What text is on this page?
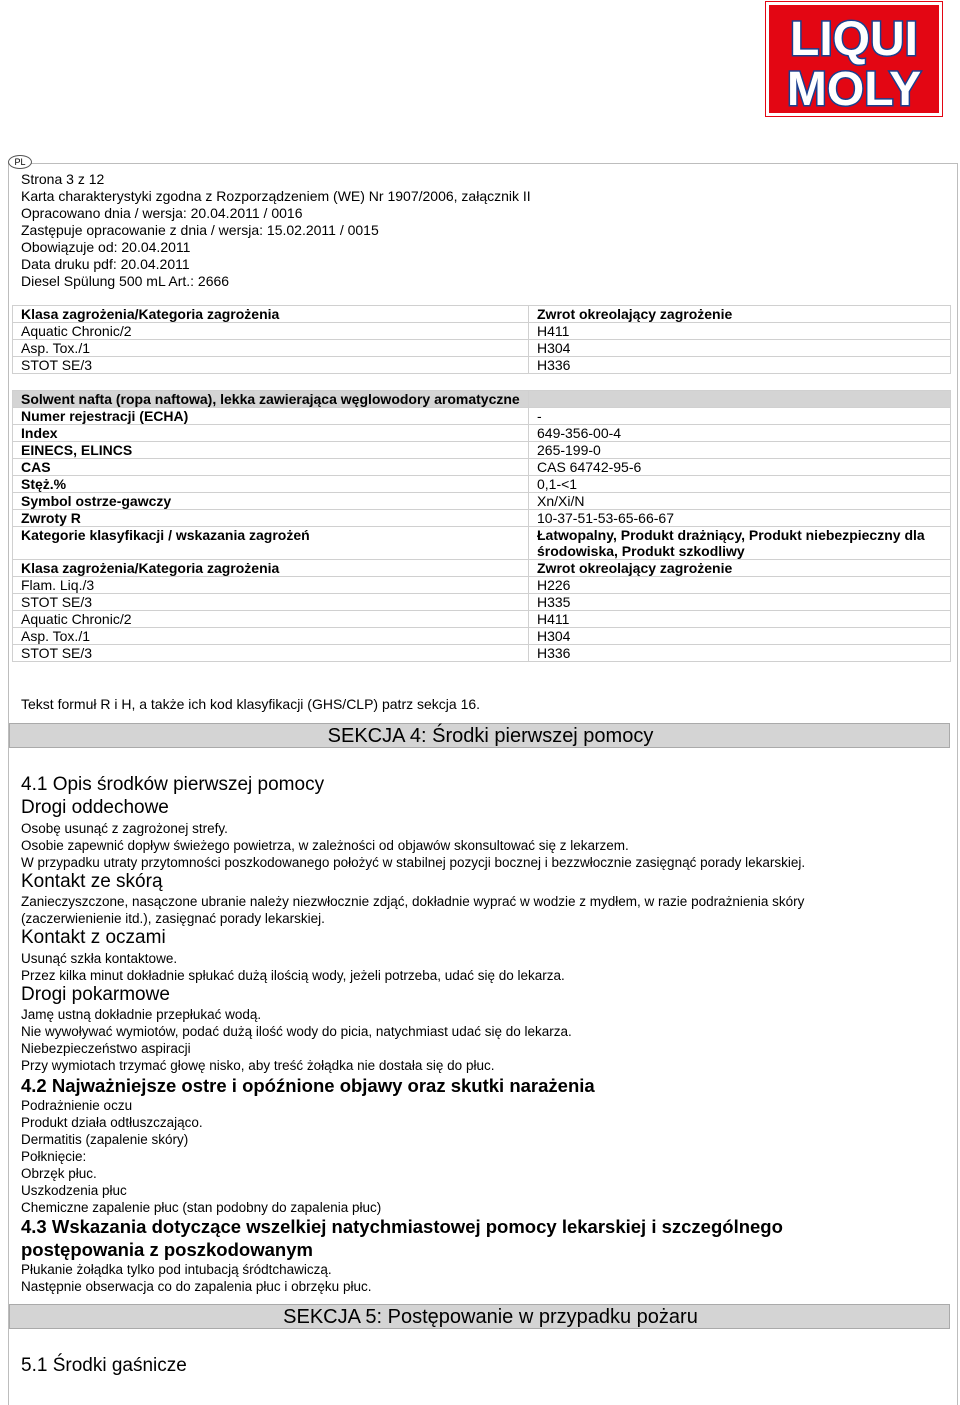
LIQUI
MOLY
PL
Strona 3 z 12
Karta charakterystyki zgodna z Rozporządzeniem (WE) Nr 1907/2006, załącznik II
Opracowano dnia / wersja: 20.04.2011 / 0016
Zastępuje opracowanie z dnia / wersja: 15.02.2011 / 0015
Obowiązuje od: 20.04.2011
Data druku pdf: 20.04.2011
Diesel Spülung 500 mL Art.: 2666
Klasa zagrożenia/Kategoria zagrożenia	Zwrot okreolający zagrożenie
Aquatic Chronic/2	H411
Asp. Tox./1	H304
STOT SE/3	H336
Solwent nafta (ropa naftowa), lekka zawierająca węglowodory aromatyczne	
Numer rejestracji (ECHA)	-
Index	649-356-00-4
EINECS, ELINCS	265-199-0
CAS	CAS 64742-95-6
Stęż.%	0,1-<1
Symbol ostrze-gawczy	Xn/Xi/N
Zwroty R	10-37-51-53-65-66-67
Kategorie klasyfikacji / wskazania zagrożeń	Łatwopalny, Produkt drażniący, Produkt niebezpieczny dla środowiska, Produkt szkodliwy
Klasa zagrożenia/Kategoria zagrożenia	Zwrot okreolający zagrożenie
Flam. Liq./3	H226
STOT SE/3	H335
Aquatic Chronic/2	H411
Asp. Tox./1	H304
STOT SE/3	H336
Tekst formuł R i H, a także ich kod klasyfikacji (GHS/CLP) patrz sekcja 16.
SEKCJA 4: Środki pierwszej pomocy
4.1 Opis środków pierwszej pomocy
Drogi oddechowe
Osobę usunąć z zagrożonej strefy.
Osobie zapewnić dopływ świeżego powietrza, w zależności od objawów skonsultować się z lekarzem.
W przypadku utraty przytomności poszkodowanego położyć w stabilnej pozycji bocznej i bezzwłocznie zasięgnąć porady lekarskiej.
Kontakt ze skórą
Zanieczyszczone, nasączone ubranie należy niezwłocznie zdjąć, dokładnie wyprać w wodzie z mydłem, w razie podrażnienia skóry
(zaczerwienienie itd.), zasięgnać porady lekarskiej.
Kontakt z oczami
Usunąć szkła kontaktowe.
Przez kilka minut dokładnie spłukać dużą ilością wody, jeżeli potrzeba, udać się do lekarza.
Drogi pokarmowe
Jamę ustną dokładnie przepłukać wodą.
Nie wywoływać wymiotów, podać dużą ilość wody do picia, natychmiast udać się do lekarza.
Niebezpieczeństwo aspiracji
Przy wymiotach trzymać głowę nisko, aby treść żołądka nie dostała się do płuc.
4.2 Najważniejsze ostre i opóźnione objawy oraz skutki narażenia
Podrażnienie oczu
Produkt działa odtłuszczająco.
Dermatitis (zapalenie skóry)
Połknięcie:
Obrzęk płuc.
Uszkodzenia płuc
Chemiczne zapalenie płuc (stan podobny do zapalenia płuc)
4.3 Wskazania dotyczące wszelkiej natychmiastowej pomocy lekarskiej i szczególnego
postępowania z poszkodowanym
Płukanie żołądka tylko pod intubacją śródtchawiczą.
Następnie obserwacja co do zapalenia płuc i obrzęku płuc.
SEKCJA 5: Postępowanie w przypadku pożaru
5.1 Środki gaśnicze
